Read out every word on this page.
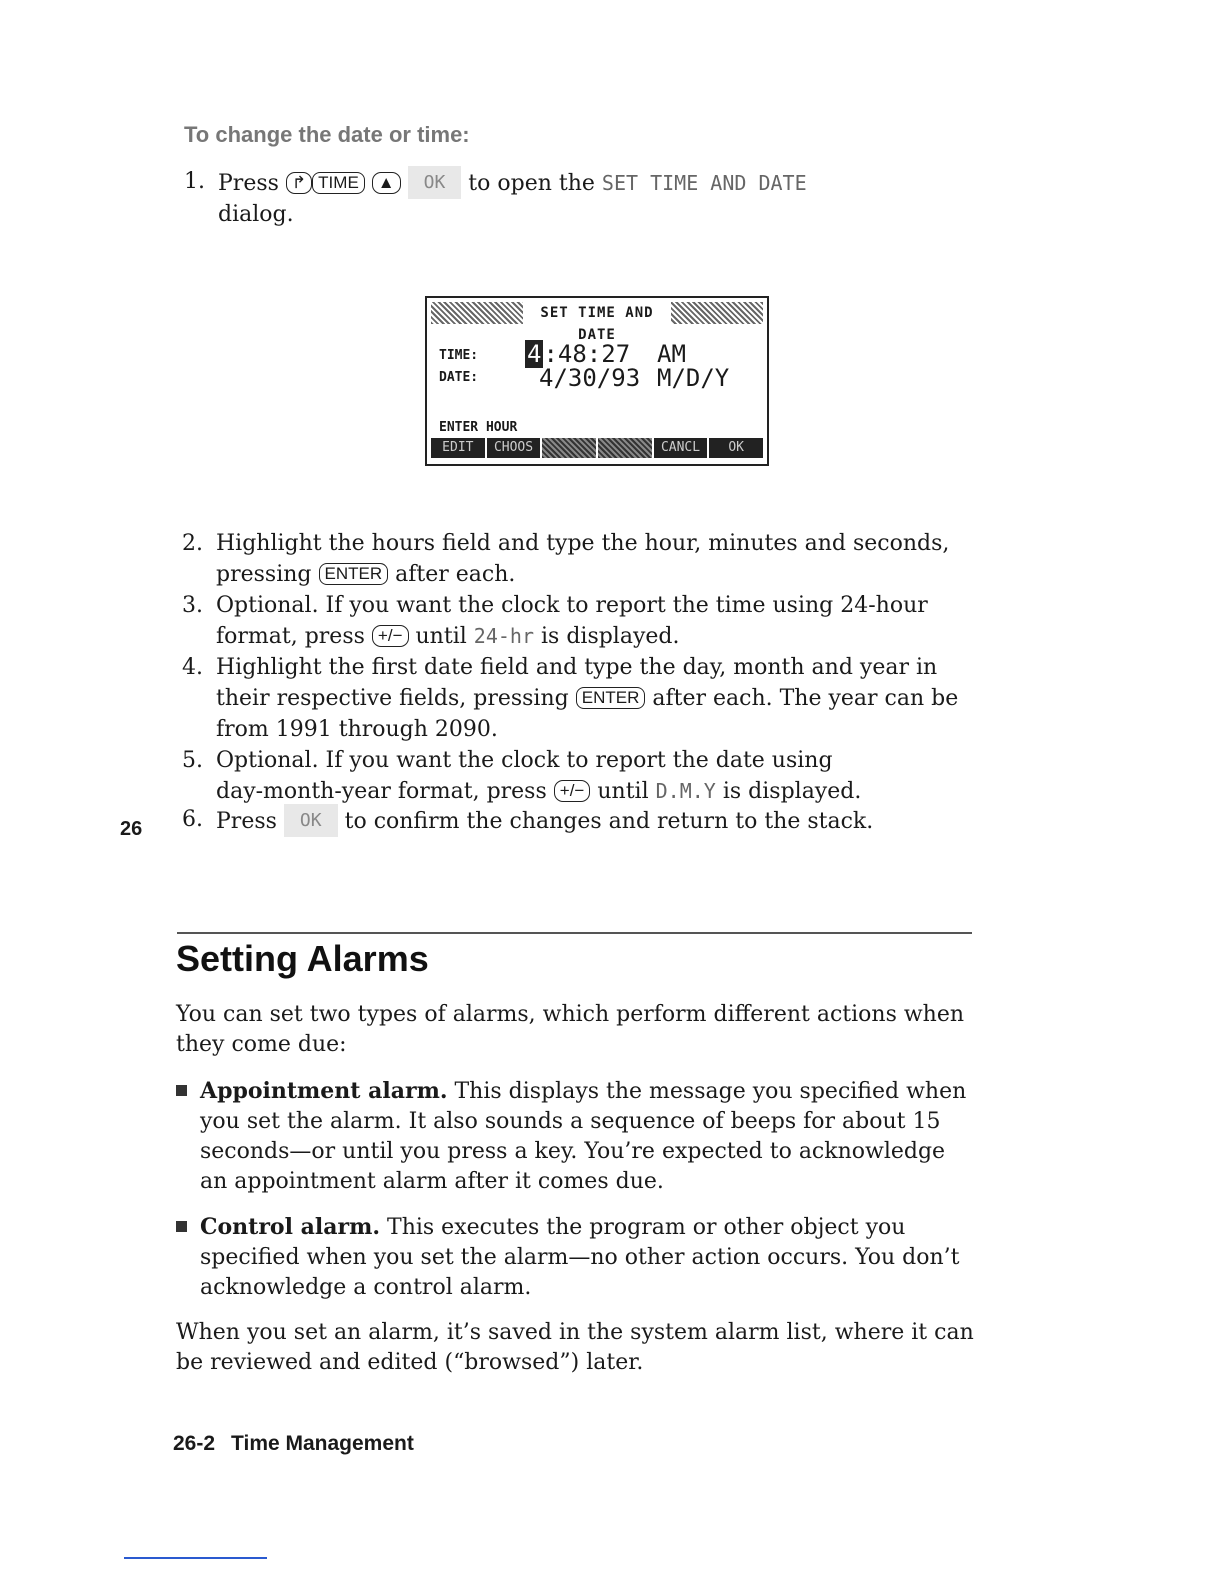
To change the date or time:
1. Press ↱ TIME ▲ OK to open the SET TIME AND DATE
dialog.
SET TIME AND DATE
TIME:
DATE:
4:48:27 AM
4/30/93 M/D/Y
ENTER HOUR
EDIT	CHOOS	CANCL	OK
2. Highlight the hours field and type the hour, minutes and seconds,
pressing ENTER after each.
3. Optional. If you want the clock to report the time using 24-hour
format, press +/− until 24-hr is displayed.
4. Highlight the first date field and type the day, month and year in
their respective fields, pressing ENTER after each. The year can be
from 1991 through 2090.
5. Optional. If you want the clock to report the date using
day-month-year format, press +/− until D.M.Y is displayed.
6. Press OK to confirm the changes and return to the stack.
26
Setting Alarms
You can set two types of alarms, which perform different actions when they come due:
Appointment alarm. This displays the message you specified when you set the alarm. It also sounds a sequence of beeps for about 15 seconds—or until you press a key. You’re expected to acknowledge an appointment alarm after it comes due.
Control alarm. This executes the program or other object you specified when you set the alarm—no other action occurs. You don’t acknowledge a control alarm.
When you set an alarm, it’s saved in the system alarm list, where it can be reviewed and edited (“browsed”) later.
26-2 Time Management
